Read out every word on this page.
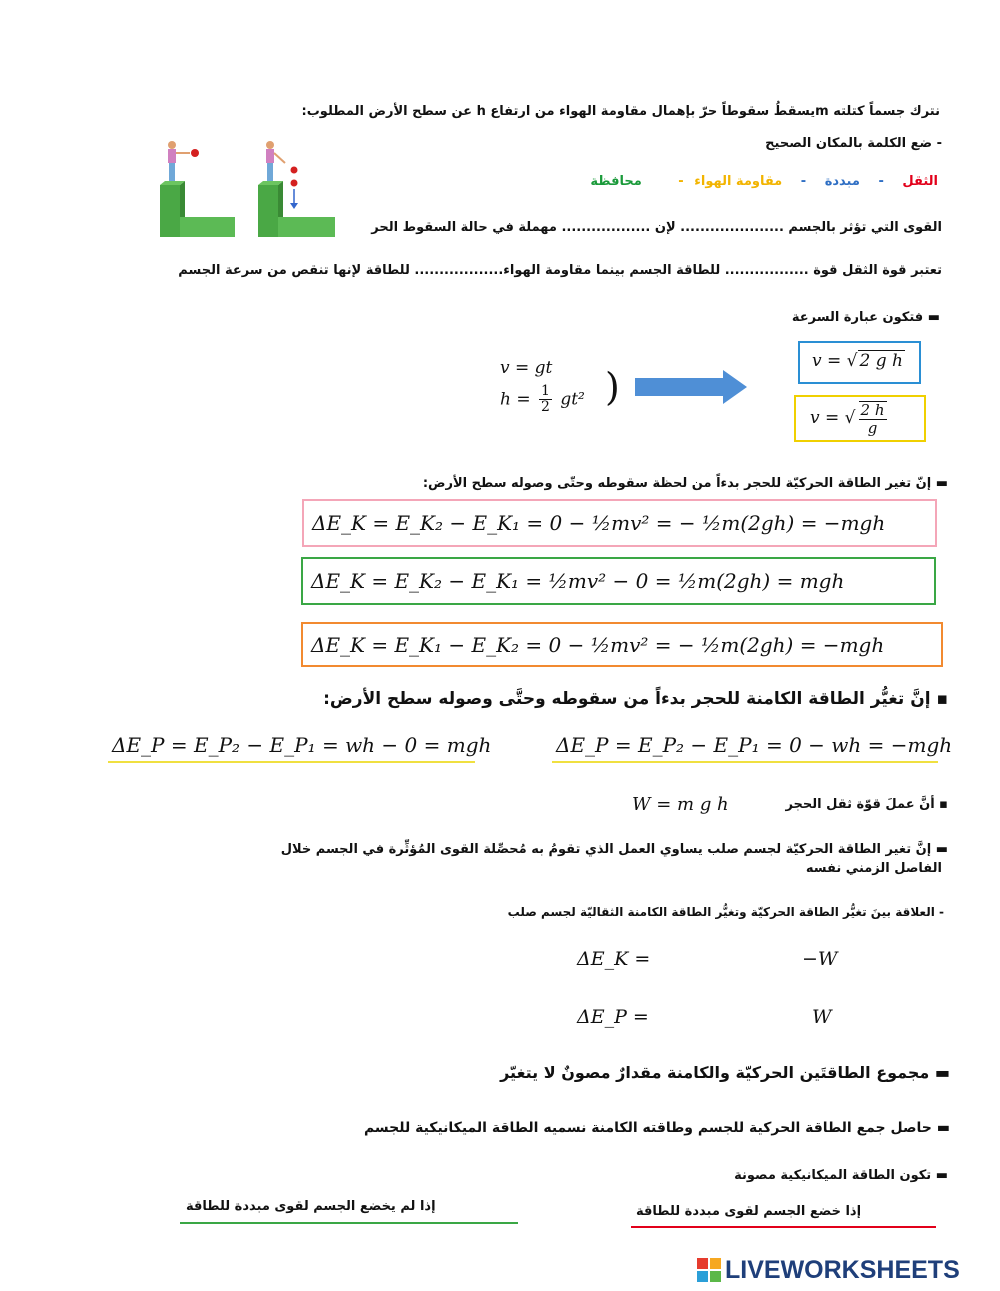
نترك جسماً كتلته mيسقطُ سقوطاً حرّ بإهمال مقاومة الهواء من ارتفاع h عن سطح الأرض المطلوب:
- ضع الكلمة بالمكان الصحيح
الثقل - مبددة - مقاومة الهواء - محافظة
القوى التي تؤثر بالجسم ..................... لإن .................. مهملة في حالة السقوط الحر
تعتبر قوة الثقل قوة ................. للطاقة الجسم بينما مقاومة الهواء.................. للطاقة لإنها تنقص من سرعة الجسم
▬ فتكون عبارة السرعة
v = gt
$h = \frac{1}{2} gt^2$ )
v = √ 2 g h
v = √ $\frac{2 h}{g}$
▬ إنّ تغير الطاقة الحركيّة للحجر بدءاً من لحظة سقوطه وحتّى وصوله سطح الأرض:
ΔE_K = E_K₂ − E_K₁ = 0 − ½mv² = − ½m(2gh) = −mgh
ΔE_K = E_K₂ − E_K₁ = ½mv² − 0 = ½m(2gh) = mgh
ΔE_K = E_K₁ − E_K₂ = 0 − ½mv² = − ½m(2gh) = −mgh
▪ إنَّ تغيُّر الطاقة الكامنة للحجر بدءاً من سقوطه وحتَّى وصوله سطح الأرض:
ΔE_P = E_P₂ − E_P₁ = wh − 0 = mgh	ΔE_P = E_P₂ − E_P₁ = 0 − wh = −mgh
▪ أنَّ عملَ قوّة ثقل الحجر
W = m g h
▬ إنَّ تغير الطاقة الحركيّة لجسم صلب يساوي العمل الذي تقومُ به مُحصِّلة القوى المُؤثِّرة في الجسم خلال
الفاصل الزمني نفسه
- العلاقة بينَ تغيُّر الطاقة الحركيّة وتغيُّر الطاقة الكامنة الثقاليّة لجسم صلب
ΔE_K =	−W
ΔE_P =	W
▬ مجموع الطاقتَين الحركيّة والكامنة مقدارٌ مصونٌ لا يتغيّر
▬ حاصل جمع الطاقة الحركية للجسم وطاقته الكامنة نسميه الطاقة الميكانيكية للجسم
▬ تكون الطاقة الميكانيكية مصونة
إذا لم يخضع الجسم لقوى مبددة للطاقة	إذا خضع الجسم لقوى مبددة للطاقة
LIVEWORKSHEETS
